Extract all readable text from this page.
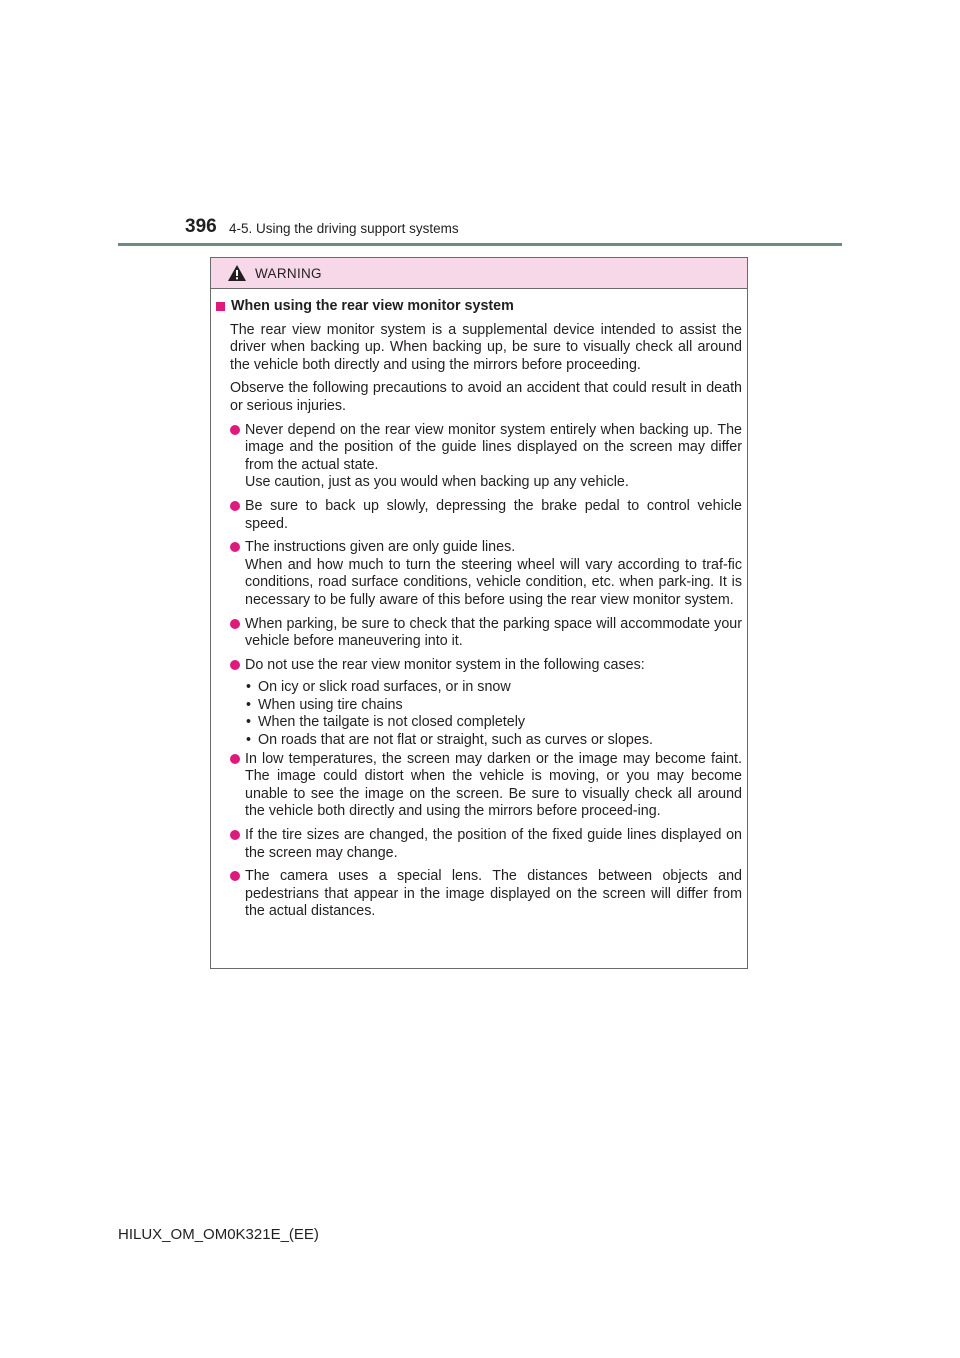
396 4-5. Using the driving support systems
WARNING
When using the rear view monitor system
The rear view monitor system is a supplemental device intended to assist the driver when backing up. When backing up, be sure to visually check all around the vehicle both directly and using the mirrors before proceeding.
Observe the following precautions to avoid an accident that could result in death or serious injuries.
Never depend on the rear view monitor system entirely when backing up. The image and the position of the guide lines displayed on the screen may differ from the actual state.
Use caution, just as you would when backing up any vehicle.
Be sure to back up slowly, depressing the brake pedal to control vehicle speed.
The instructions given are only guide lines.
When and how much to turn the steering wheel will vary according to traf-fic conditions, road surface conditions, vehicle condition, etc. when park-ing. It is necessary to be fully aware of this before using the rear view monitor system.
When parking, be sure to check that the parking space will accommodate your vehicle before maneuvering into it.
Do not use the rear view monitor system in the following cases:
• On icy or slick road surfaces, or in snow
• When using tire chains
• When the tailgate is not closed completely
• On roads that are not flat or straight, such as curves or slopes.
In low temperatures, the screen may darken or the image may become faint. The image could distort when the vehicle is moving, or you may become unable to see the image on the screen. Be sure to visually check all around the vehicle both directly and using the mirrors before proceed-ing.
If the tire sizes are changed, the position of the fixed guide lines displayed on the screen may change.
The camera uses a special lens. The distances between objects and pedestrians that appear in the image displayed on the screen will differ from the actual distances.
HILUX_OM_OM0K321E_(EE)
